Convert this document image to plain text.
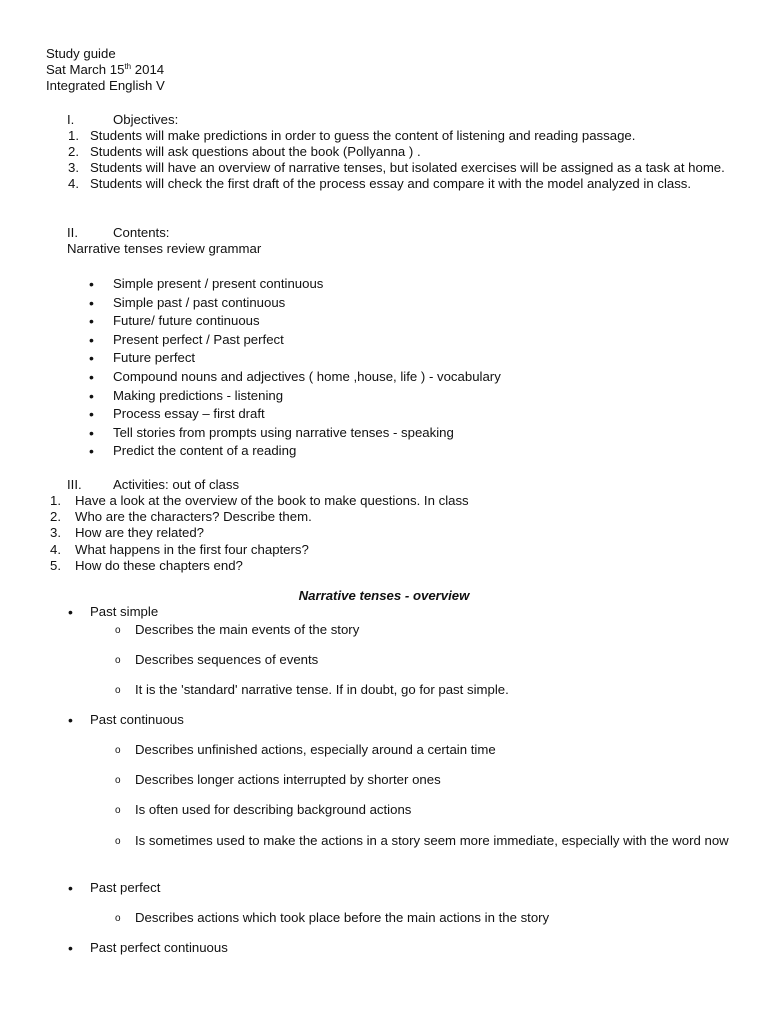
Study guide
Sat March 15th 2014
Integrated English V
I.	Objectives:
1. Students will make predictions in order to guess the content of listening and reading passage.
2. Students will ask questions about the book (Pollyanna ) .
3. Students will have an overview of narrative tenses, but isolated exercises will be assigned as a task at home.
4. Students will check the first draft of the process essay and compare it with the model analyzed in class.
II.	Contents:
Narrative tenses review grammar
• Simple present / present continuous
• Simple past / past continuous
• Future/ future continuous
• Present perfect / Past perfect
• Future perfect
• Compound nouns and adjectives ( home ,house, life ) - vocabulary
• Making predictions - listening
• Process essay – first draft
• Tell stories from prompts using narrative tenses - speaking
• Predict the content of a reading
III. Activities: out of class
1. Have a look at the overview of the book to make questions. In class
2. Who are the characters? Describe them.
3. How are they related?
4. What happens in the first four chapters?
5. How do these chapters end?
Narrative tenses - overview
• Past simple
o Describes the main events of the story
o Describes sequences of events
o It is the 'standard' narrative tense. If in doubt, go for past simple.
• Past continuous
o Describes unfinished actions, especially around a certain time
o Describes longer actions interrupted by shorter ones
o Is often used for describing background actions
o Is sometimes used to make the actions in a story seem more immediate, especially with the word now
• Past perfect
o Describes actions which took place before the main actions in the story
• Past perfect continuous
